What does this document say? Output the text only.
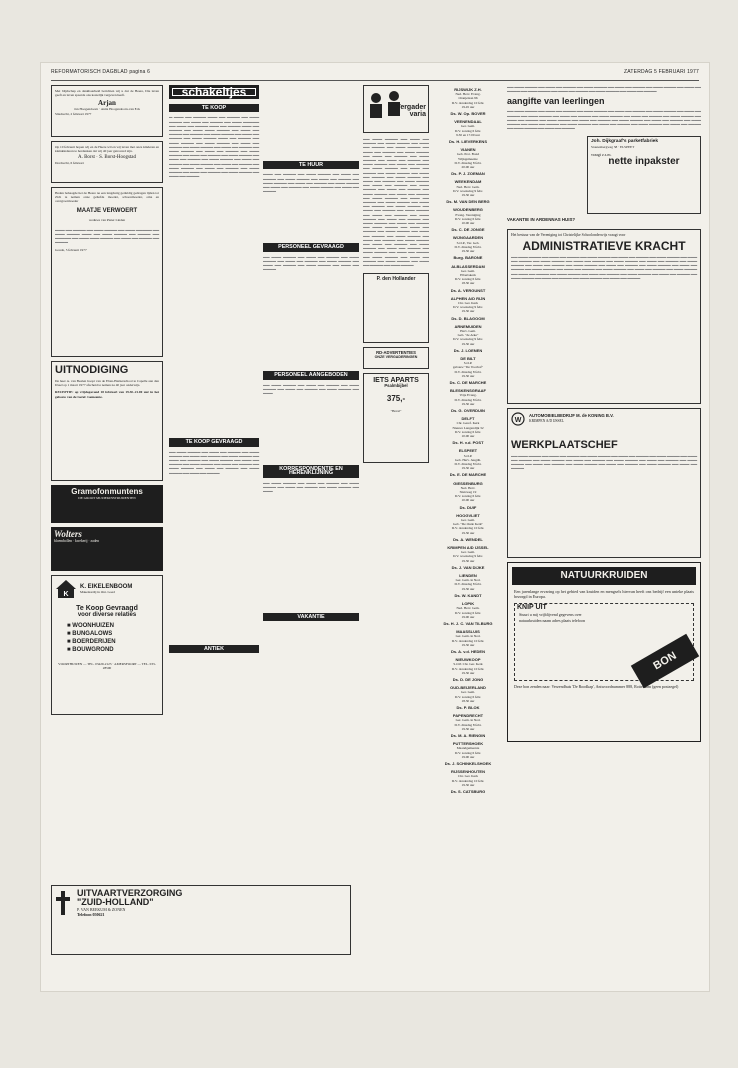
REFORMATORISCH DAGBLAD pagina 6	ZATERDAG 5 FEBRUARI 1977

Met blijdschap en dankbaarheid berichten wij u dat de Heere, Die leven geeft en leven spaarde ons kostelijk vergeven heeft.

Arjan
Jan Hoogendoorn · Anita Hoogendoorn-van Eck
Sliedrecht, 2 februari 1977

Op 10 februari hopen wij en de Heere wil en wij leven met onze kinderen en kleinkinderen te herdenken dat wij 40 jaar getrouwd zijn.

A. Borst · S. Borst-Hoogstad
Dordrecht, 6 februari

Heden behaagde het de Heere na een langdurig geduldig gedragen lijden tot Zich te nemen onze geliefde moeder, schoonmoeder, oma en overgrootmoeder

MAATJE VERWOERT
weduwe van Pieter Linden

▬▬▬ ▬▬ ▬▬▬▬ ▬▬ ▬▬▬ ▬▬▬▬ ▬▬ ▬▬▬ ▬▬▬▬▬ ▬▬ ▬▬▬ ▬▬▬▬ ▬▬▬ ▬▬ ▬▬▬ ▬▬▬▬ ▬▬ ▬▬▬▬ ▬▬ ▬▬▬▬▬ ▬▬ ▬▬▬ ▬▬▬ ▬▬▬▬ ▬▬ ▬▬▬ ▬▬ ▬▬▬▬ ▬▬ ▬▬▬▬

Gouda, 5 februari 1977
UITNODIGING

De heer A. van Beelen hoopt van de Eben-Haëzerschool te Capelle aan den IJssel op 1 maart 1977 afscheid te nemen na 40 jaar onderwijs.

RECEPTIE: op vrijdagavond 18 februari van 19.30–21.00 uur in het gebouw van de Geref. Gemeente.

Gramofonmuntens
DE GROOT MUZIEKINSTRUMENTEN
Wolters
bloembollen · kwekerij · zaden
K
K. EIKELENBOOM
Makelaardij in Onr. Goed
Te Koop Gevraagd
voor diverse relaties
■ WOONHUIZEN
■ BUNGALOWS
■ BOERDERIJEN
■ BOUWGROND
VOORTHUIZEN — TEL. 03429-2125 · AMERSFOORT — TEL. 033-28500
schakeltjes
TE KOOP

▬ ▬▬▬ ▬▬ ▬▬▬▬ ▬▬▬ ▬▬ ▬▬▬▬ ▬▬ ▬▬▬ ▬▬▬▬ ▬▬ ▬▬▬ ▬▬ ▬▬▬▬ ▬▬ ▬▬▬ ▬▬▬▬▬ ▬▬ ▬▬▬ ▬▬ ▬▬▬▬ ▬▬▬ ▬▬ ▬▬▬▬ ▬▬▬ ▬▬ ▬▬▬▬ ▬▬ ▬▬▬ ▬▬▬ ▬▬▬▬ ▬▬ ▬▬▬ ▬▬ ▬▬▬▬ ▬▬ ▬▬▬▬ ▬▬ ▬▬▬ ▬▬▬▬ ▬▬ ▬▬▬ ▬▬ ▬▬▬▬ ▬▬ ▬▬▬ ▬▬▬▬ ▬▬▬ ▬▬ ▬▬▬▬ ▬▬ ▬▬▬ ▬▬▬▬ ▬▬ ▬▬▬ ▬▬▬▬ ▬▬ ▬▬▬ ▬▬ ▬▬▬▬ ▬▬ ▬▬▬ ▬▬▬▬ ▬▬ ▬▬▬ ▬▬ ▬▬▬▬ ▬▬ ▬▬▬ ▬▬▬▬ ▬▬ ▬▬▬ ▬▬ ▬▬▬▬ ▬▬ ▬▬▬ ▬▬▬▬ ▬▬ ▬▬▬ ▬▬ ▬▬▬▬ ▬▬ ▬▬▬ ▬▬▬▬ ▬▬ ▬▬▬ ▬▬ ▬▬▬▬ ▬▬ ▬▬▬ ▬▬▬▬ ▬▬ ▬▬▬ ▬▬ ▬▬▬▬ ▬▬ ▬▬▬ ▬▬▬▬ ▬▬ ▬▬▬ ▬▬ ▬▬▬▬ ▬▬ ▬▬▬ ▬▬▬▬ ▬▬ ▬▬▬ ▬▬ ▬▬▬▬ ▬▬ ▬▬▬ ▬▬▬▬ ▬▬ ▬▬▬ ▬▬ ▬▬▬▬ ▬▬ ▬▬▬ ▬▬▬▬ ▬▬ ▬▬▬ ▬▬ ▬▬▬▬

TE KOOP GEVRAAGD

▬▬ ▬▬▬ ▬▬▬▬ ▬▬ ▬▬▬ ▬▬ ▬▬▬▬ ▬▬ ▬▬▬ ▬▬▬▬ ▬▬ ▬▬▬ ▬▬ ▬▬▬▬ ▬▬ ▬▬▬ ▬▬▬▬ ▬▬ ▬▬▬ ▬▬ ▬▬▬▬ ▬▬ ▬▬▬ ▬▬▬▬ ▬▬ ▬▬▬ ▬▬ ▬▬▬▬ ▬▬ ▬▬▬ ▬▬▬▬ ▬▬ ▬▬▬ ▬▬ ▬▬▬▬ ▬▬ ▬▬▬ ▬▬▬▬ ▬▬ ▬▬▬ ▬▬ ▬▬▬▬ ▬▬ ▬▬▬ ▬▬▬▬ ▬▬ ▬▬▬ ▬▬ ▬▬▬▬

ANTIEK
TE HUUR

▬▬▬ ▬▬ ▬▬▬▬ ▬▬ ▬▬▬ ▬▬▬▬ ▬▬ ▬▬▬ ▬▬ ▬▬▬▬ ▬▬ ▬▬▬ ▬▬▬▬ ▬▬ ▬▬▬ ▬▬ ▬▬▬▬ ▬▬ ▬▬▬ ▬▬▬▬ ▬▬ ▬▬▬ ▬▬ ▬▬▬▬ ▬▬ ▬▬▬ ▬▬▬▬ ▬▬ ▬▬▬ ▬▬ ▬▬▬▬ ▬▬ ▬▬▬ ▬▬▬▬ ▬▬ ▬▬▬ ▬▬ ▬▬▬▬

PERSONEEL GEVRAAGD

▬▬ ▬▬▬ ▬▬▬▬ ▬▬ ▬▬▬ ▬▬ ▬▬▬▬ ▬▬ ▬▬▬ ▬▬▬▬ ▬▬ ▬▬▬ ▬▬ ▬▬▬▬ ▬▬ ▬▬▬ ▬▬▬▬ ▬▬ ▬▬▬ ▬▬ ▬▬▬▬ ▬▬ ▬▬▬ ▬▬▬▬ ▬▬ ▬▬▬ ▬▬ ▬▬▬▬

PERSONEEL AANGEBODEN

▬▬ ▬▬▬ ▬▬▬▬ ▬▬ ▬▬▬ ▬▬ ▬▬▬▬ ▬▬ ▬▬▬ ▬▬▬▬ ▬▬ ▬▬▬ ▬▬ ▬▬▬▬ ▬▬ ▬▬▬ ▬▬▬▬ ▬▬ ▬▬▬

KORRESPONDENTIE EN HERENKLIJNING

▬▬ ▬▬▬ ▬▬▬▬ ▬▬ ▬▬▬ ▬▬ ▬▬▬▬ ▬▬ ▬▬▬ ▬▬▬▬ ▬▬ ▬▬▬ ▬▬ ▬▬▬▬ ▬▬ ▬▬▬ ▬▬▬▬ ▬▬ ▬▬▬

VAKANTIE
UITVAARTVERZORGING
"ZUID-HOLLAND"
P. VAN BEEKUM & ZONEN
Telefoon 050621
Vergader varia

▬▬ ▬▬▬ ▬▬▬▬ ▬▬ ▬▬▬ ▬▬ ▬▬▬▬ ▬▬ ▬▬▬ ▬▬▬▬ ▬▬ ▬▬▬ ▬▬ ▬▬▬▬ ▬▬ ▬▬▬ ▬▬▬▬ ▬▬ ▬▬▬ ▬▬ ▬▬▬▬ ▬▬ ▬▬▬ ▬▬▬▬ ▬▬ ▬▬▬ ▬▬ ▬▬▬▬ ▬▬ ▬▬▬ ▬▬▬▬ ▬▬ ▬▬▬ ▬▬ ▬▬▬▬ ▬▬ ▬▬▬ ▬▬▬▬ ▬▬ ▬▬▬ ▬▬ ▬▬▬▬ ▬▬ ▬▬▬ ▬▬▬▬ ▬▬ ▬▬▬ ▬▬ ▬▬▬▬ ▬▬ ▬▬▬ ▬▬▬▬ ▬▬ ▬▬▬ ▬▬ ▬▬▬▬ ▬▬ ▬▬▬ ▬▬▬▬ ▬▬ ▬▬▬ ▬▬ ▬▬▬▬ ▬▬ ▬▬▬ ▬▬▬▬ ▬▬ ▬▬▬ ▬▬ ▬▬▬▬ ▬▬ ▬▬▬ ▬▬▬▬ ▬▬ ▬▬▬ ▬▬ ▬▬▬▬ ▬▬ ▬▬▬ ▬▬▬▬ ▬▬ ▬▬▬ ▬▬ ▬▬▬▬ ▬▬ ▬▬▬ ▬▬▬▬ ▬▬ ▬▬▬ ▬▬ ▬▬▬▬ ▬▬ ▬▬▬ ▬▬▬▬ ▬▬ ▬▬▬ ▬▬ ▬▬▬▬ ▬▬ ▬▬▬ ▬▬▬▬ ▬▬ ▬▬▬ ▬▬ ▬▬▬▬ ▬▬ ▬▬▬ ▬▬▬▬ ▬▬ ▬▬▬ ▬▬ ▬▬▬▬ ▬▬ ▬▬▬ ▬▬▬▬ ▬▬ ▬▬▬ ▬▬ ▬▬▬▬ ▬▬ ▬▬▬ ▬▬▬▬ ▬▬ ▬▬▬ ▬▬ ▬▬▬▬ ▬▬ ▬▬▬ ▬▬▬▬ ▬▬ ▬▬▬ ▬▬ ▬▬▬▬ ▬▬ ▬▬▬ ▬▬▬▬ ▬▬ ▬▬▬ ▬▬ ▬▬▬▬ ▬▬ ▬▬▬ ▬▬▬▬ ▬▬ ▬▬▬ ▬▬ ▬▬▬▬ ▬▬ ▬▬▬ ▬▬▬▬ ▬▬ ▬▬▬ ▬▬ ▬▬▬▬ ▬▬ ▬▬▬ ▬▬▬▬ ▬▬ ▬▬▬ ▬▬ ▬▬▬▬ ▬▬ ▬▬▬ ▬▬▬▬ ▬▬ ▬▬▬ ▬▬ ▬▬▬▬ ▬▬ ▬▬▬ ▬▬▬▬ ▬▬ ▬▬▬ ▬▬ ▬▬▬▬ ▬▬ ▬▬▬ ▬▬▬▬ ▬▬ ▬▬▬ ▬▬ ▬▬▬▬ ▬▬ ▬▬▬ ▬▬▬▬

P. den Hollander
RD-ADVERTENTIES
ONZE VERGADERINGEN
IETS APARTS
Psalmbijbel
375,-
"Hevel"
RIJSWIJK Z.H.
Ned. Herv. Evang.
Oranjelaan 96
D.V. donderdag 10 febr.
19.45 uur
Ds. W. Op. BOVER
VEENENDAAL
Ger. Gem.
D.V. zondag 6 febr.
9.30 en 17.00 uur
Ds. H. LIEVERKENS
VIANEN
Geb. Prot. Bond
Wijkgemeente
D.V. dinsdag 8 febr.
20.00 uur
Ds. P. J. ZOEMAN
WEEKENDAM
Ned. Herv. Gem.
D.V. woensdag 9 febr.
19.30 uur
Ds. M. VAN DEN BERG
WOUDENBERG
Evang. Vereniging
D.V. zondag 6 febr.
10.00 uur
Ds. C. DE JONGE
WIJNGAARDEN
S.O.P., Ver. Geb.
D.V. dinsdag 8 febr.
19.30 uur
Burg. BARONE
ALBLASSERDAM
Ger. Gem.
Elbertskerk
D.V. zondag 6 febr.
18.30 uur
Ds. A. VERGUNST
ALPHEN A/D RIJN
Chr. Ger. Kerk
D.V. woensdag 9 febr.
19.30 uur
Ds. D. BLAGOOM
ARNEMUIDEN
Herv. Gem.
Geb. "de Arke"
D.V. woensdag 9 febr.
19.30 uur
Ds. J. LOENEN
DE BILT
S.O.P.
gebouw "De Voorhof"
D.V. dinsdag 8 febr.
19.30 uur
Ds. C. DE MARCHE
BLESKENSGRAAF
Vrije Evang.
D.V. dinsdag 8 febr.
19.30 uur
Ds. G. OVERDUIN
DELFT
Chr. Geref. Kerk
Nieuwe Langendijk 32
D.V. zondag 6 febr.
10.00 uur
Ds. H. v.d. POST
ELSPEET
S.O.P.
Geb. Herv. Jeugdh.
D.V. dinsdag 8 febr.
19.30 uur
Ds. E. DE MARCHE
GIESSENBURG
Ned. Herv.
Sluisweg 19
D.V. zondag 6 febr.
10.00 uur
Ds. DUIF
HOOGVLIET
Ger. Gem.
Geb. "De Oude Kerk"
D.V. donderdag 10 febr.
19.30 uur
Ds. A. WENDEL
KRIMPEN A/D IJSSEL
Ger. Gem.
D.V. woensdag 9 febr.
19.30 uur
Ds. J. VAN DIJKE
LIENDEN
Ger. Gem. in Ned.
D.V. dinsdag 8 febr.
19.30 uur
Ds. W. KANDT
LOPIK
Ned. Herv. Gem.
D.V. zondag 6 febr.
19.00 uur
Ds. H. J. C. VAN TILBURG
MAASSLUIS
Ger. Gem. in Ned.
D.V. donderdag 10 febr.
19.30 uur
Ds. A. v.d. HEDEN
NIEUWKOOP
S.O.P. Chr. Ger. Kerk
D.V. donderdag 10 febr.
19.30 uur
Ds. D. DE JONG
OUD-BEIJERLAND
Ger. Gem.
D.V. zondag 6 febr.
18.30 uur
Ds. P. BLOK
PAPENDRECHT
Ger. Gem. in Ned.
D.V. dinsdag 8 febr.
19.30 uur
Ds. M. A. RIENGIN
PUTTERSHOEK
Maandgemeente
D.V. zondag 6 febr.
19.00 uur
Ds. J. SCHINKELSHOEK
RIJSSENHOUTEN
Chr. Ger. Kerk
D.V. donderdag 10 febr.
19.30 uur
Ds. S. CATSBURG

▬▬ ▬▬▬ ▬▬▬▬ ▬▬ ▬▬▬ ▬▬ ▬▬▬▬ ▬▬ ▬▬▬ ▬▬▬▬ ▬▬ ▬▬▬ ▬▬ ▬▬▬▬ ▬▬ ▬▬▬ ▬▬▬▬ ▬▬ ▬▬▬ ▬▬ ▬▬▬▬ ▬▬ ▬▬▬ ▬▬▬▬ ▬▬ ▬▬▬ ▬▬ ▬▬▬▬ ▬▬ ▬▬▬ ▬▬▬▬ ▬▬ ▬▬▬ ▬▬ ▬▬▬▬

aangifte van leerlingen

▬▬ ▬▬▬ ▬▬▬▬ ▬▬ ▬▬▬ ▬▬ ▬▬▬▬ ▬▬ ▬▬▬ ▬▬▬▬ ▬▬ ▬▬▬ ▬▬ ▬▬▬▬ ▬▬ ▬▬▬ ▬▬▬▬ ▬▬ ▬▬▬ ▬▬ ▬▬▬▬ ▬▬ ▬▬▬ ▬▬▬▬ ▬▬ ▬▬▬ ▬▬ ▬▬▬▬ ▬▬ ▬▬▬ ▬▬▬▬ ▬▬ ▬▬▬ ▬▬ ▬▬▬▬ ▬▬ ▬▬▬ ▬▬▬▬ ▬▬ ▬▬▬ ▬▬ ▬▬▬▬ ▬▬ ▬▬▬ ▬▬▬▬ ▬▬ ▬▬▬ ▬▬ ▬▬▬▬ ▬▬ ▬▬▬ ▬▬▬▬ ▬▬ ▬▬▬ ▬▬ ▬▬▬▬ ▬▬ ▬▬▬ ▬▬▬▬ ▬▬ ▬▬▬ ▬▬ ▬▬▬▬ ▬▬ ▬▬▬ ▬▬▬▬ ▬▬ ▬▬▬ ▬▬ ▬▬▬▬ ▬▬ ▬▬▬ ▬▬▬▬ ▬▬ ▬▬▬ ▬▬ ▬▬▬▬ ▬▬ ▬▬▬ ▬▬▬▬ ▬▬ ▬▬▬ ▬▬ ▬▬▬▬

Joh. Dijkgraaf's parketfabriek
Stoutenbergweg 58 · ELSPEET
vraagt z.s.m.
nette inpakster
VAKANTIE IN ARDENNAS HUIS?
Het bestuur van de Vereniging tot Christelijke Schoolonderwijs vraagt voor
ADMINISTRATIEVE KRACHT

▬▬ ▬▬▬ ▬▬▬▬ ▬▬ ▬▬▬ ▬▬ ▬▬▬▬ ▬▬ ▬▬▬ ▬▬▬▬ ▬▬ ▬▬▬ ▬▬ ▬▬▬▬ ▬▬ ▬▬▬ ▬▬▬▬ ▬▬ ▬▬▬ ▬▬ ▬▬▬▬ ▬▬ ▬▬▬ ▬▬▬▬ ▬▬ ▬▬▬ ▬▬ ▬▬▬▬ ▬▬ ▬▬▬ ▬▬▬▬ ▬▬ ▬▬▬ ▬▬ ▬▬▬▬ ▬▬ ▬▬▬ ▬▬▬▬ ▬▬ ▬▬▬ ▬▬ ▬▬▬▬ ▬▬ ▬▬▬ ▬▬▬▬ ▬▬ ▬▬▬ ▬▬ ▬▬▬▬ ▬▬ ▬▬▬ ▬▬▬▬ ▬▬ ▬▬▬ ▬▬ ▬▬▬▬ ▬▬ ▬▬▬ ▬▬▬▬ ▬▬ ▬▬▬ ▬▬ ▬▬▬▬ ▬▬ ▬▬▬ ▬▬▬▬ ▬▬ ▬▬▬ ▬▬ ▬▬▬▬ ▬▬ ▬▬▬ ▬▬▬▬ ▬▬ ▬▬▬ ▬▬ ▬▬▬▬ ▬▬ ▬▬▬ ▬▬▬▬ ▬▬ ▬▬▬ ▬▬ ▬▬▬▬ ▬▬ ▬▬▬ ▬▬▬▬ ▬▬ ▬▬▬ ▬▬ ▬▬▬▬ ▬▬ ▬▬▬ ▬▬▬▬ ▬▬ ▬▬▬ ▬▬ ▬▬▬▬ ▬▬ ▬▬▬ ▬▬▬▬ ▬▬ ▬▬▬ ▬▬ ▬▬▬▬

W
AUTOMOBIELBEDRIJF M. de KONING B.V.
KRIMPEN A/D IJSSEL
WERKPLAATSCHEF

▬▬ ▬▬▬ ▬▬▬▬ ▬▬ ▬▬▬ ▬▬ ▬▬▬▬ ▬▬ ▬▬▬ ▬▬▬▬ ▬▬ ▬▬▬ ▬▬ ▬▬▬▬ ▬▬ ▬▬▬ ▬▬▬▬ ▬▬ ▬▬▬ ▬▬ ▬▬▬▬ ▬▬ ▬▬▬ ▬▬▬▬ ▬▬ ▬▬▬ ▬▬ ▬▬▬▬ ▬▬ ▬▬▬ ▬▬▬▬ ▬▬ ▬▬▬ ▬▬ ▬▬▬▬ ▬▬ ▬▬▬ ▬▬▬▬ ▬▬ ▬▬▬ ▬▬ ▬▬▬▬ ▬▬ ▬▬▬ ▬▬▬▬ ▬▬ ▬▬▬ ▬▬ ▬▬▬▬ ▬▬ ▬▬▬ ▬▬▬▬ ▬▬ ▬▬▬ ▬▬ ▬▬▬▬

NATUURKRUIDEN

Een jarenlange ervaring op het gebied van kruiden en mengsels hiervan heeft ons bedrijf een unieke plaats bezorgd in Europa.

KNIP UIT
Stuurt u mij vrijblijvend gegevens over natuurkruiden naam adres plaats telefoon
BON
Deze bon zenden naar: Verzendhuis 'De Roodkap', Antwoordnummer 888, Rotterdam (geen postzegel)
